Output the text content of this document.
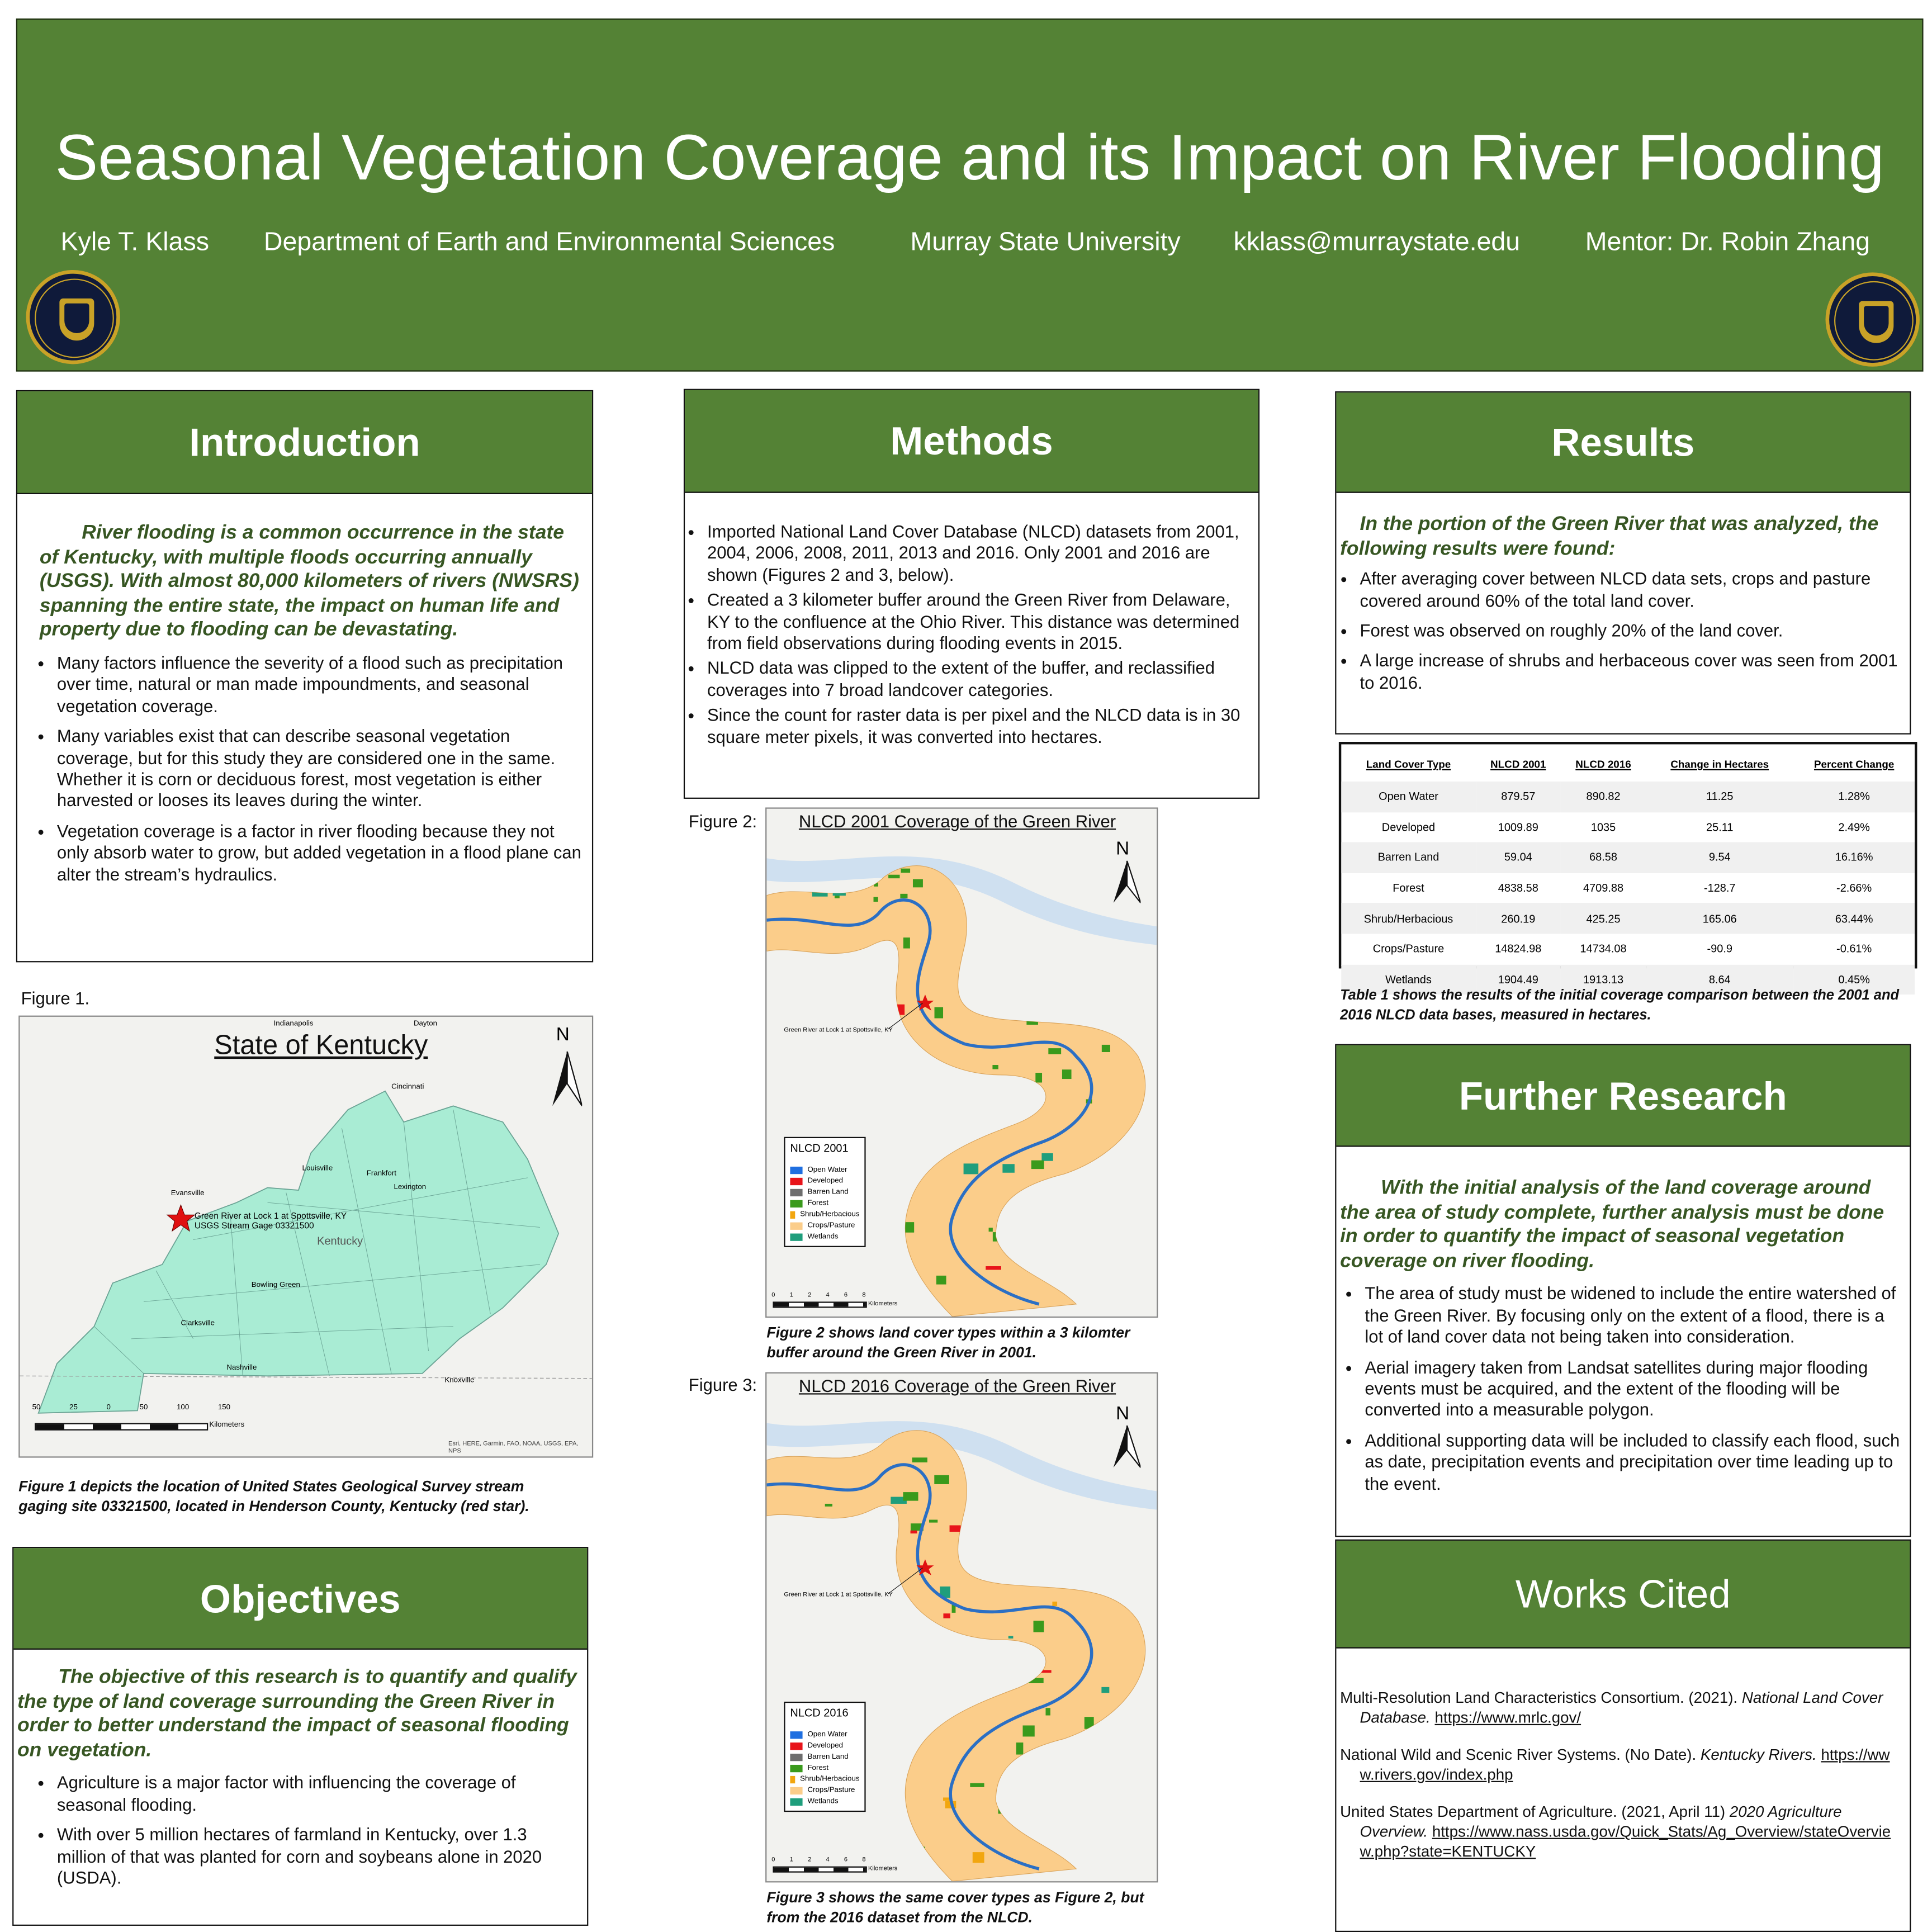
Seasonal Vegetation Coverage and its Impact on River Flooding
Kyle T. Klass	Department of Earth and Environmental Sciences	Murray State University	kklass@murraystate.edu	Mentor: Dr. Robin Zhang
Introduction
River flooding is a common occurrence in the state of Kentucky, with multiple floods occurring annually (USGS). With almost 80,000 kilometers of rivers (NWSRS) spanning the entire state, the impact on human life and property due to flooding can be devastating.
• Many factors influence the severity of a flood such as precipitation over time, natural or man made impoundments, and seasonal vegetation coverage.
• Many variables exist that can describe seasonal vegetation coverage, but for this study they are considered one in the same. Whether it is corn or deciduous forest, most vegetation is either harvested or looses its leaves during the winter.
• Vegetation coverage is a factor in river flooding because they not only absorb water to grow, but added vegetation in a flood plane can alter the stream’s hydraulics.
Figure 1.
State of Kentucky	N
Green River at Lock 1 at Spottsville, KY
USGS Stream Gage 03321500
Kentucky
Indianapolis	Dayton
Cincinnati
Louisville
Frankfort
Lexington
Evansville
Bowling Green
Clarksville
Nashville
Knoxville
50	25	0	50	100	150
Kilometers
Esri, HERE, Garmin, FAO, NOAA, USGS, EPA, NPS
Figure 1 depicts the location of United States Geological Survey stream gaging site 03321500, located in Henderson County, Kentucky (red star).
Objectives
The objective of this research is to quantify and qualify the type of land coverage surrounding the Green River in order to better understand the impact of seasonal flooding on vegetation.
• Agriculture is a major factor with influencing the coverage of seasonal flooding.
• With over 5 million hectares of farmland in Kentucky, over 1.3 million of that was planted for corn and soybeans alone in 2020 (USDA).
Methods
• Imported National Land Cover Database (NLCD) datasets from 2001, 2004, 2006, 2008, 2011, 2013 and 2016. Only 2001 and 2016 are shown (Figures 2 and 3, below).
• Created a 3 kilometer buffer around the Green River from Delaware, KY to the confluence at the Ohio River. This distance was determined from field observations during flooding events in 2015.
• NLCD data was clipped to the extent of the buffer, and reclassified coverages into 7 broad landcover categories.
• Since the count for raster data is per pixel and the NLCD data is in 30 square meter pixels, it was converted into hectares.
Figure 2:	NLCD 2001 Coverage of the Green River
N
Green River at Lock 1 at Spottsville, KY
NLCD 2001
Open Water
Developed
Barren Land
Forest
Shrub/Herbacious
Crops/Pasture
Wetlands
0	1	2	4	6	8
Kilometers
Figure 2 shows land cover types within a 3 kilomter buffer around the Green River in 2001.
Figure 3:	NLCD 2016 Coverage of the Green River
N
Green River at Lock 1 at Spottsville, KY
NLCD 2016
Open Water
Developed
Barren Land
Forest
Shrub/Herbacious
Crops/Pasture
Wetlands
0	1	2	4	6	8
Kilometers
Figure 3 shows the same cover types as Figure 2, but from the 2016 dataset from the NLCD.
Results
In the portion of the Green River that was analyzed, the following results were found:
• After averaging cover between NLCD data sets, crops and pasture covered around 60% of the total land cover.
• Forest was observed on roughly 20% of the land cover.
• A large increase of shrubs and herbaceous cover was seen from 2001 to 2016.
Land Cover Type	NLCD 2001	NLCD 2016	Change in Hectares	Percent Change
Open Water	879.57	890.82	11.25	1.28%
Developed	1009.89	1035	25.11	2.49%
Barren Land	59.04	68.58	9.54	16.16%
Forest	4838.58	4709.88	-128.7	-2.66%
Shrub/Herbacious	260.19	425.25	165.06	63.44%
Crops/Pasture	14824.98	14734.08	-90.9	-0.61%
Wetlands	1904.49	1913.13	8.64	0.45%
Table 1 shows the results of the initial coverage comparison between the 2001 and 2016 NLCD data bases, measured in hectares.
Further Research
With the initial analysis of the land coverage around the area of study complete, further analysis must be done in order to quantify the impact of seasonal vegetation coverage on river flooding.
• The area of study must be widened to include the entire watershed of the Green River. By focusing only on the extent of a flood, there is a lot of land cover data not being taken into consideration.
• Aerial imagery taken from Landsat satellites during major flooding events must be acquired, and the extent of the flooding will be converted into a measurable polygon.
• Additional supporting data will be included to classify each flood, such as date, precipitation events and precipitation over time leading up to the event.
Works Cited
Multi-Resolution Land Characteristics Consortium. (2021). National Land Cover Database. https://www.mrlc.gov/
National Wild and Scenic River Systems. (No Date). Kentucky Rivers. https://www.rivers.gov/index.php
United States Department of Agriculture. (2021, April 11) 2020 Agriculture Overview. https://www.nass.usda.gov/Quick_Stats/Ag_Overview/stateOverview.php?state=KENTUCKY
